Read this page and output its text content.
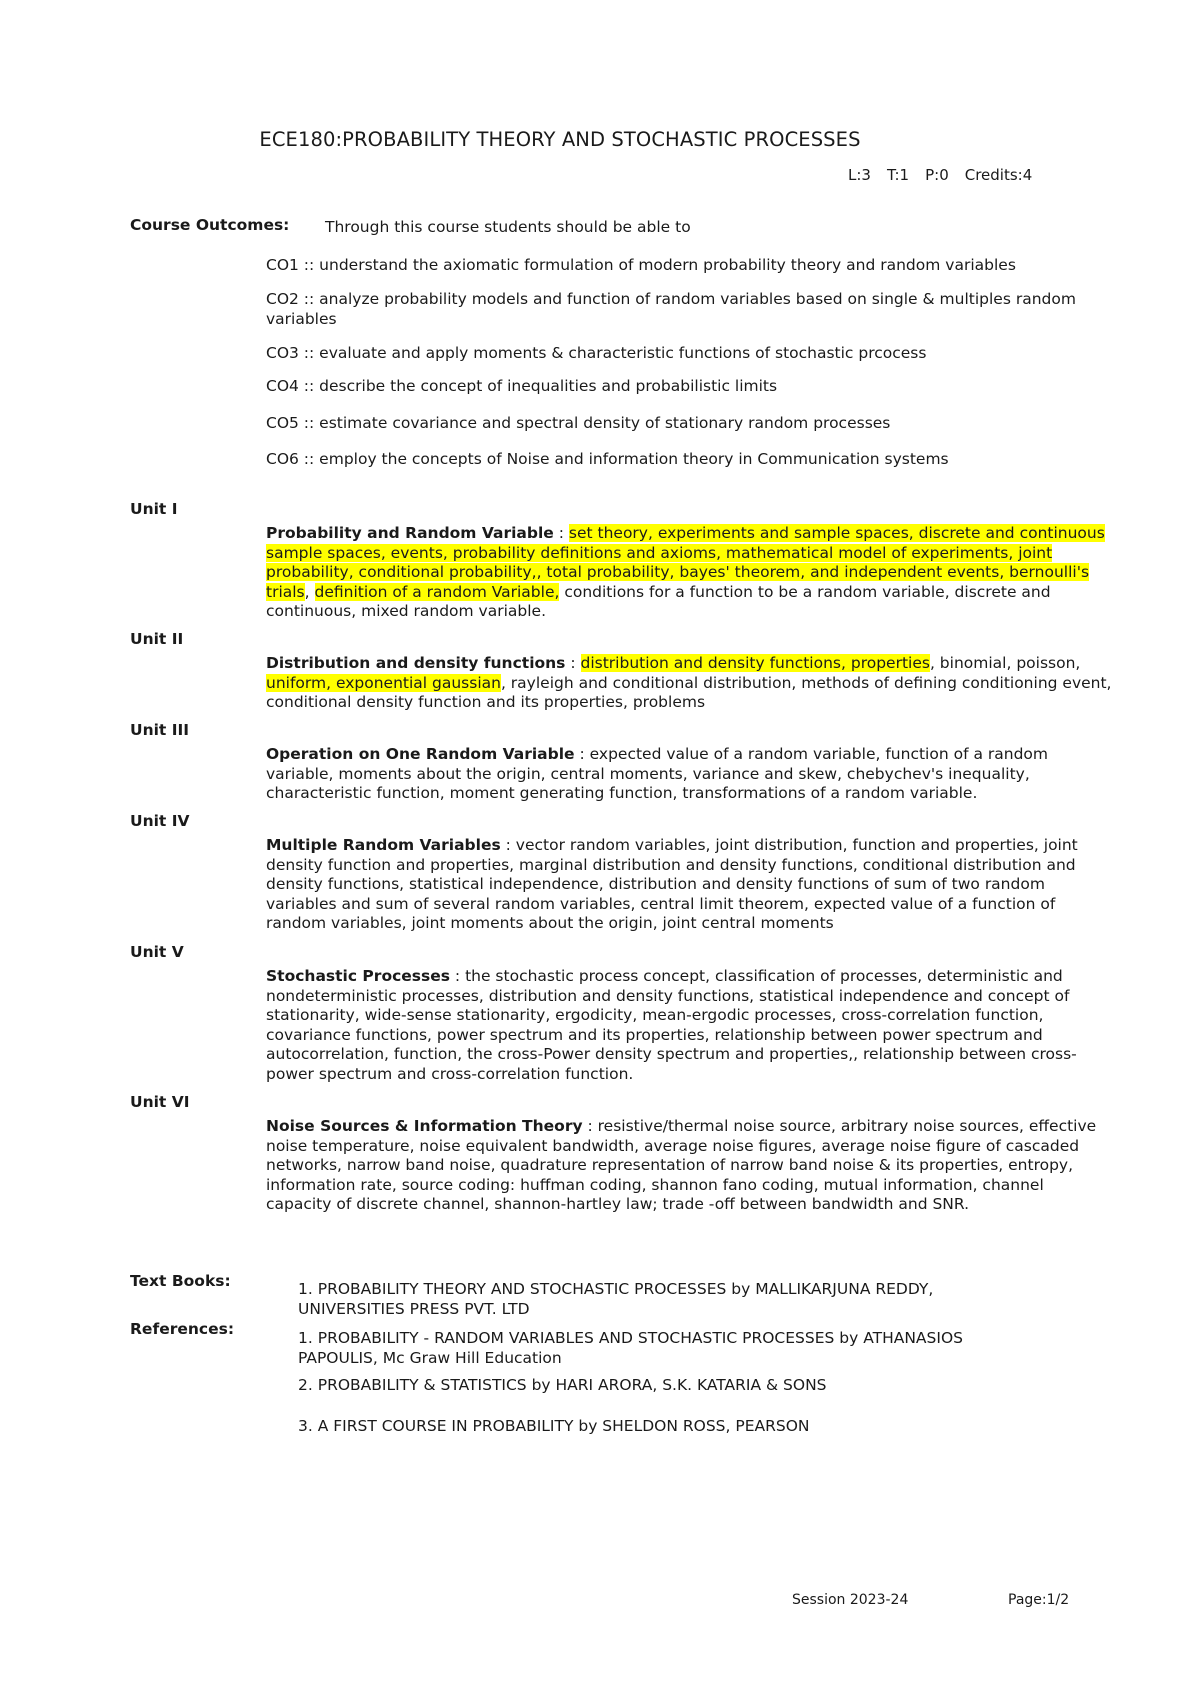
ECE180:PROBABILITY THEORY AND STOCHASTIC PROCESSES
L:3 T:1 P:0 Credits:4
Course Outcomes: Through this course students should be able to
CO1 :: understand the axiomatic formulation of modern probability theory and random variables
CO2 :: analyze probability models and function of random variables based on single & multiples random variables
CO3 :: evaluate and apply moments & characteristic functions of stochastic prcocess
CO4 :: describe the concept of inequalities and probabilistic limits
CO5 :: estimate covariance and spectral density of stationary random processes
CO6 :: employ the concepts of Noise and information theory in Communication systems
Unit I
Probability and Random Variable : set theory, experiments and sample spaces, discrete and continuous sample spaces, events, probability definitions and axioms, mathematical model of experiments, joint probability, conditional probability,, total probability, bayes' theorem, and independent events, bernoulli's trials, definition of a random Variable, conditions for a function to be a random variable, discrete and continuous, mixed random variable.
Unit II
Distribution and density functions : distribution and density functions, properties, binomial, poisson, uniform, exponential gaussian, rayleigh and conditional distribution, methods of defining conditioning event, conditional density function and its properties, problems
Unit III
Operation on One Random Variable : expected value of a random variable, function of a random variable, moments about the origin, central moments, variance and skew, chebychev's inequality, characteristic function, moment generating function, transformations of a random variable.
Unit IV
Multiple Random Variables : vector random variables, joint distribution, function and properties, joint density function and properties, marginal distribution and density functions, conditional distribution and density functions, statistical independence, distribution and density functions of sum of two random variables and sum of several random variables, central limit theorem, expected value of a function of random variables, joint moments about the origin, joint central moments
Unit V
Stochastic Processes : the stochastic process concept, classification of processes, deterministic and nondeterministic processes, distribution and density functions, statistical independence and concept of stationarity, wide-sense stationarity, ergodicity, mean-ergodic processes, cross-correlation function, covariance functions, power spectrum and its properties, relationship between power spectrum and autocorrelation, function, the cross-Power density spectrum and properties,, relationship between cross-power spectrum and cross-correlation function.
Unit VI
Noise Sources & Information Theory : resistive/thermal noise source, arbitrary noise sources, effective noise temperature, noise equivalent bandwidth, average noise figures, average noise figure of cascaded networks, narrow band noise, quadrature representation of narrow band noise & its properties, entropy, information rate, source coding: huffman coding, shannon fano coding, mutual information, channel capacity of discrete channel, shannon-hartley law; trade -off between bandwidth and SNR.
Text Books:	1. PROBABILITY THEORY AND STOCHASTIC PROCESSES by MALLIKARJUNA REDDY, UNIVERSITIES PRESS PVT. LTD
References:	1. PROBABILITY - RANDOM VARIABLES AND STOCHASTIC PROCESSES by ATHANASIOS PAPOULIS, Mc Graw Hill Education
2. PROBABILITY & STATISTICS by HARI ARORA, S.K. KATARIA & SONS
3. A FIRST COURSE IN PROBABILITY by SHELDON ROSS, PEARSON
Session 2023-24	Page:1/2
